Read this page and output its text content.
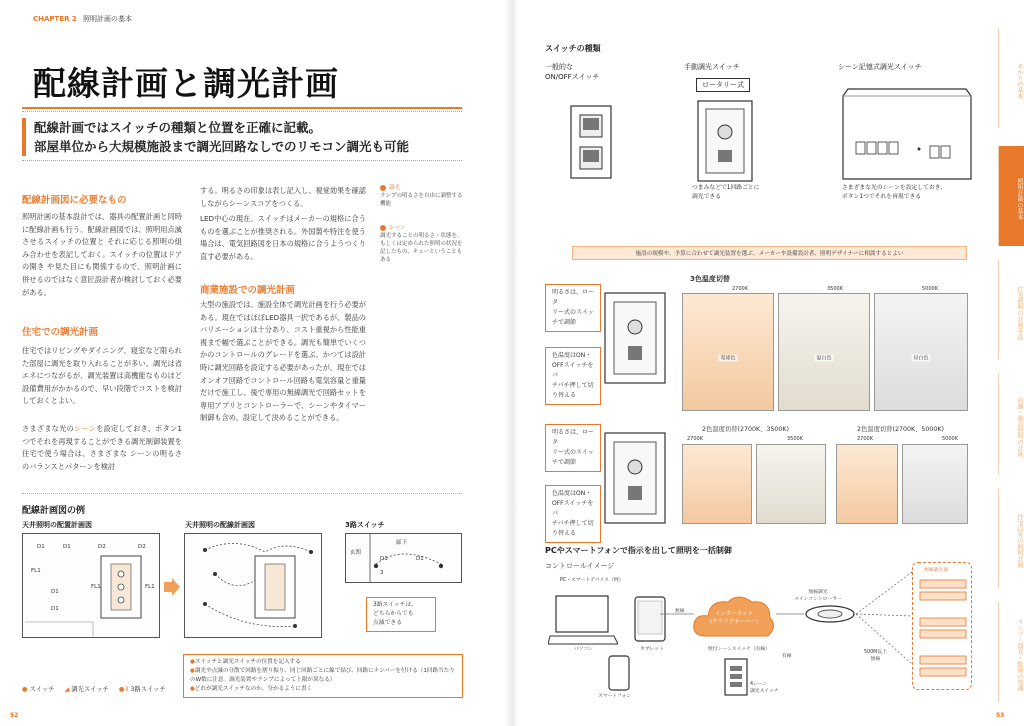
CHAPTER 2 照明計画の基本
配線計画と調光計画
配線計画ではスイッチの種類と位置を正確に記載。
部屋単位から大規模施設まで調光回路なしでのリモコン調光も可能
配線計画図に必要なもの
照明計画の基本設計では、器具の配置計画と同時に配線計画も行う。配線計画図では、照明用点滅させるスイッチの位置と それに応じる照明の組み合わせを表記しておく。スイッチの位置はドアの開き や見た目にも関係するので、照明計画に併せるのではなく意匠設計者が検討しておく必要がある。
住宅での調光計画
住宅ではリビングやダイニング、寝室など限られた部屋に調光を取り入れることが多い。調光は省エネにつながるが、調光装置は高機能なものほど設備費用がかかるので、早い段階でコストを検討しておくとよい。
さまざまな光のシーンを設定しておき、ボタン1つでそれを再現することができる調光制御装置を住宅で使う場合は、さまざまな シーンの明るさのバランスとパターンを検討
する。明るさの印象は表し記入し、視覚効果を確認しながらシーンスコアをつくる。
LED中心の現在、スイッチはメーカーの規格に合うものを選ぶことが推奨される。外国製や特注を使う場合は、電気回路図を日本の規格に合うようつくり直す必要がある。
商業施設での調光計画
大型の施設では、施設全体で調光計画を行う必要がある。現在ではほぼLED器具一択であるが、製品のバリエーションは十分あり、コスト重視から性能重視まで幅で選ぶことができる。調光も簡単でいくつかのコントロールのグレードを選ぶ。かつては設計時に調光回路を設定する必要があったが、現在ではオンオフ回路でコントロール回路も電気容量と重量だけで施工し、後で専用の無線調光で回路セットを専用アプリとコントローラーで、シーンやタイマー制御も含め、設定して決めることができる。
調光
ランプの明るさを自由に調整する機能
シーン
調光することの明るさ・状態を、もしくは定められた照明の状況を記したもの、キューということもある
配線計画図の例
天井照明の配置計画図	天井照明の配線計画図	3路スイッチ
D1	D1	D2	D2
FL1
FL1	FL1
D1
D1
玄関
廊下
D1	D1
3
3路スイッチは、
どちらからでも
点滅できる
● スイッチ ◢ 調光スイッチ ●3 3路スイッチ
●スイッチと調光スイッチの位置を記入する
●調光や点滅の分散で回路を割り振り、同じ回路ごとに線で結び、回路にナンバーを付ける（1回路当たりのW数に注意。調光装置やランプによって上限が異なる）
●どれが調光スイッチなのか、分かるように書く
52
スイッチの種類
一般的な
ON/OFFスイッチ
手動調光スイッチ
ロータリー式
つまみなどで1回路ごとに
調光できる
シーン記憶式調光スイッチ
さまざまな光のシーンを設定しておき、
ボタン1つでそれを再現できる
施設の規模や、予算に合わせて調光装置を選ぶ。メーカーや設備設計者、照明デザイナーに相談するとよい
3色温度切替
2700K	3500K	5000K
電球色	温白色	昼白色
明るさは、ロータ
リー式のスイッ
チで調節
色温度はON・
OFFスイッチをパ
チパチ押して切
り替える
2色温度切替(2700K、3500K)
2700K	3500K
2色温度切替(2700K、5000K)
2700K	5000K
明るさは、ロータ
リー式のスイッ
チで調節
色温度はON・
OFFスイッチをパ
チパチ押して切
り替える
PCやスマートフォンで指示を出して照明を一括制御
コントロールイメージ
PC・スマートデバイス（例）
パソコン	タブレット
スマートフォン
無線	インターネット
(クラウドサーバー)
無線調光
メインコントローラー
500M以上
無線
壁付シーンスイッチ（有線）
有線
4シーン
調光スイッチ
無線調光器
53
あかりの基本
照明計画の基本
住宅照明の計画手法
店舗・施設照明の計画
住宅以外の照明計画
ランプ・器具・配線の知識
